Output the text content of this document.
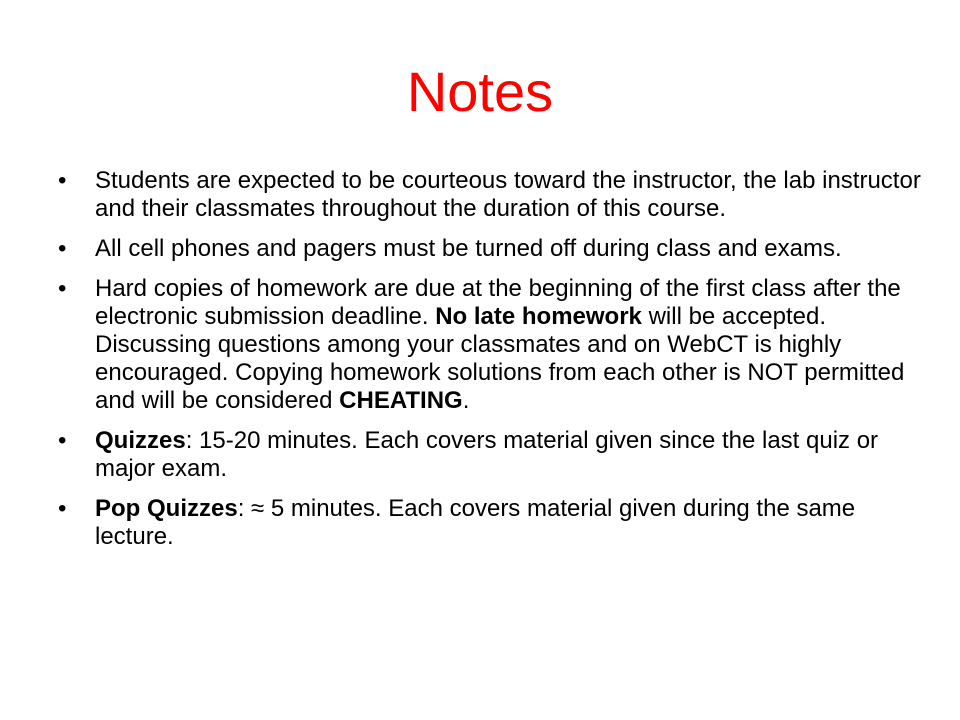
Notes
•	Students are expected to be courteous toward the instructor, the lab instructor and their classmates throughout the duration of this course.
•	All cell phones and pagers must be turned off during class and exams.
•	Hard copies of homework are due at the beginning of the first class after the electronic submission deadline. No late homework will be accepted. Discussing questions among your classmates and on WebCT is highly encouraged. Copying homework solutions from each other is NOT permitted and will be considered CHEATING.
•	Quizzes: 15-20 minutes. Each covers material given since the last quiz or major exam.
•	Pop Quizzes: ≈ 5 minutes. Each covers material given during the same lecture.
